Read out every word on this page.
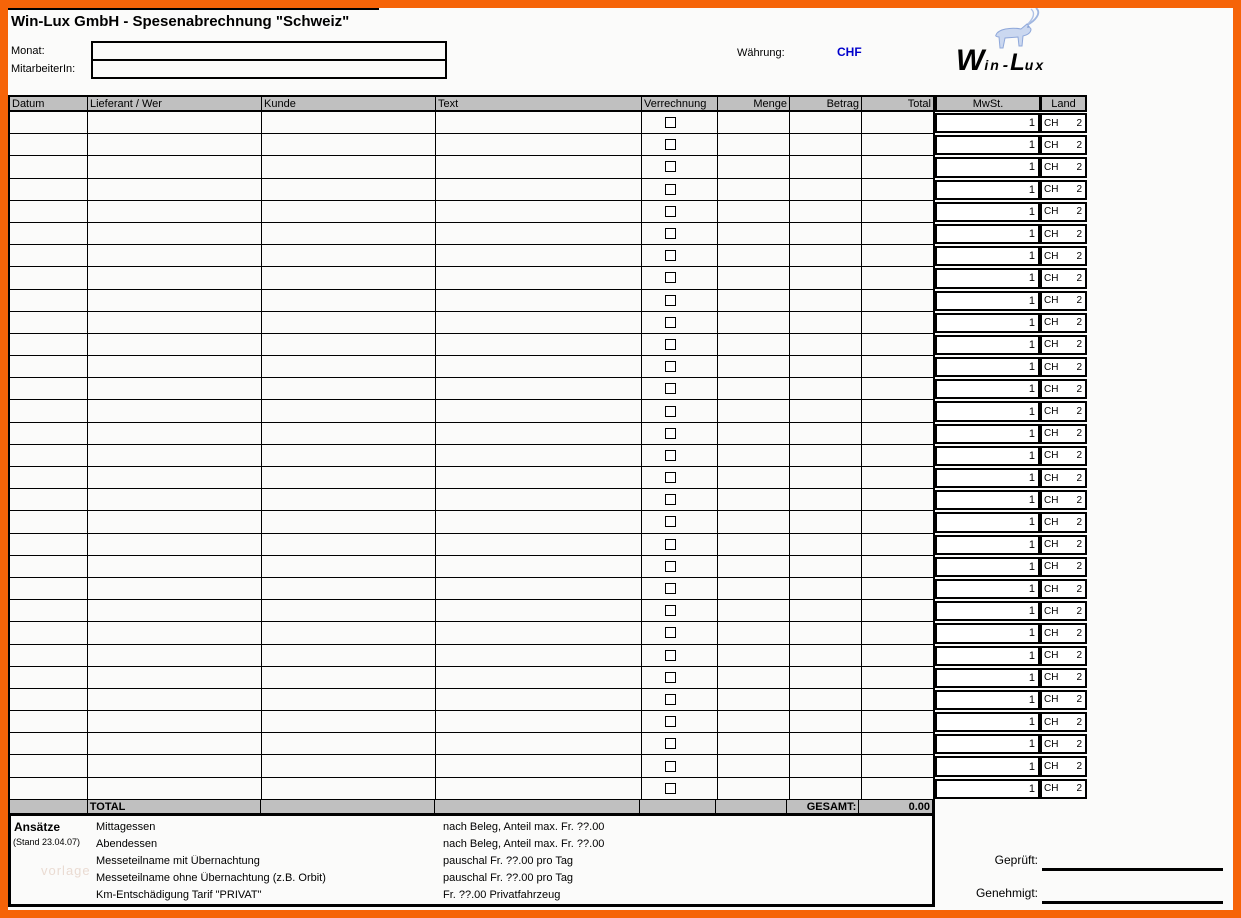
Win-Lux GmbH - Spesenabrechnung "Schweiz"
Monat:
MitarbeiterIn:
Währung:	CHF	W in - L ux
Datum	Lieferant / Wer	Kunde	Text	Verrechnung	Menge	Betrag	Total	MwSt.	Land
1 CH 2
1 CH 2
1 CH 2
1 CH 2
1 CH 2
1 CH 2
1 CH 2
1 CH 2
1 CH 2
1 CH 2
1 CH 2
1 CH 2
1 CH 2
1 CH 2
1 CH 2
1 CH 2
1 CH 2
1 CH 2
1 CH 2
1 CH 2
1 CH 2
1 CH 2
1 CH 2
1 CH 2
1 CH 2
1 CH 2
1 CH 2
1 CH 2
1 CH 2
1 CH 2
1 CH 2
TOTAL	GESAMT:	0.00
Ansätze
(Stand 23.04.07)
vorlage
Mittagessen	nach Beleg, Anteil max. Fr. ??.00
Abendessen	nach Beleg, Anteil max. Fr. ??.00
Messeteilname mit Übernachtung	pauschal Fr. ??.00 pro Tag
Messeteilname ohne Übernachtung (z.B. Orbit)	pauschal Fr. ??.00 pro Tag
Km-Entschädigung Tarif "PRIVAT"	Fr. ??.00 Privatfahrzeug
Geprüft:
Genehmigt:
